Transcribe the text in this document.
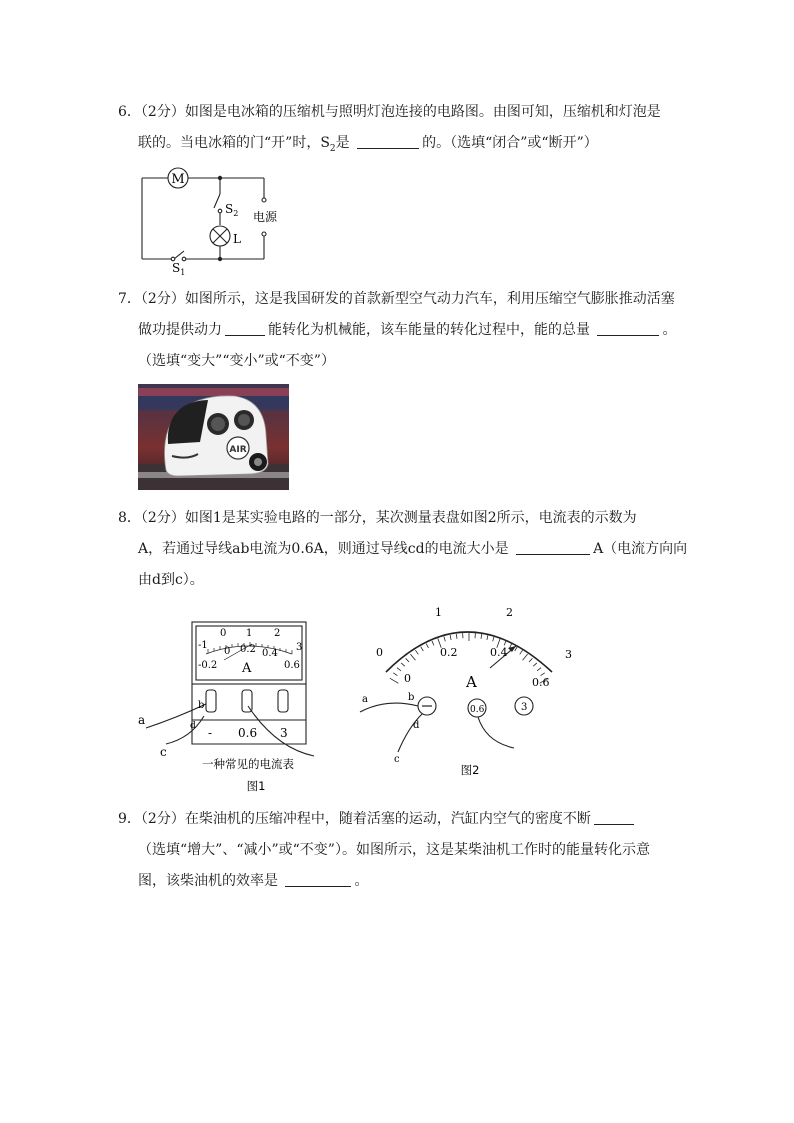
6．（2分）如图是电冰箱的压缩机与照明灯泡连接的电路图。由图可知，压缩机和灯泡是
联的。当电冰箱的门“开”时，$S_2$是	的。（选填“闭合”或“断开”）
M
$S_2$
L
电源
$S_1$
7．（2分）如图所示，这是我国研发的首款新型空气动力汽车，利用压缩空气膨胀推动活塞
做功提供动力	能转化为机械能，该车能量的转化过程中，能的总量	。
（选填“变大”“变小”或“不变”）
AIR
8．（2分）如图1是某实验电路的一部分，某次测量表盘如图2所示，电流表的示数为
A，若通过导线ab电流为0.6A，则通过导线cd的电流大小是	A（电流方向向
由d到c）。
-1
0 1 2
3
-0.2
0 0.2 0.4
0.6
A
b
d
a
c
- 0.6 3
一种常见的电流表
图1
0
1	2
3
0
0.2	0.4
0.6
A
0.6	3
a	b
d
c
图2
9．（2分）在柴油机的压缩冲程中，随着活塞的运动，汽缸内空气的密度不断
（选填“增大”、“减小”或“不变”）。如图所示，这是某柴油机工作时的能量转化示意
图，该柴油机的效率是	。
